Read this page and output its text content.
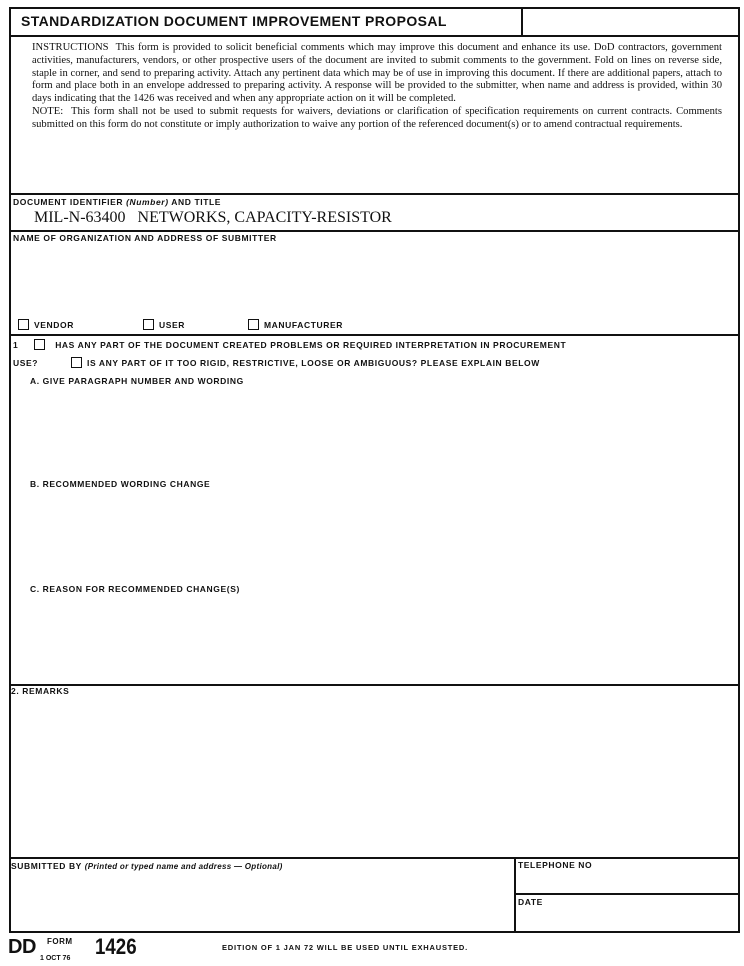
STANDARDIZATION DOCUMENT IMPROVEMENT PROPOSAL

INSTRUCTIONS This form is provided to solicit beneficial comments which may improve this document and enhance its use. DoD contractors, government activities, manufacturers, vendors, or other prospective users of the document are invited to submit comments to the government. Fold on lines on reverse side, staple in corner, and send to preparing activity. Attach any pertinent data which may be of use in improving this document. If there are additional papers, attach to form and place both in an envelope addressed to preparing activity. A response will be provided to the submitter, when name and address is provided, within 30 days indicating that the 1426 was received and when any appropriate action on it will be completed.

NOTE: This form shall not be used to submit requests for waivers, deviations or clarification of specification requirements on current contracts. Comments submitted on this form do not constitute or imply authorization to waive any portion of the referenced document(s) or to amend contractual requirements.

DOCUMENT IDENTIFIER (Number) AND TITLE
MIL-N-63400   NETWORKS, CAPACITY-RESISTOR
NAME OF ORGANIZATION AND ADDRESS OF SUBMITTER
VENDOR	USER	MANUFACTURER
1	HAS ANY PART OF THE DOCUMENT CREATED PROBLEMS OR REQUIRED INTERPRETATION IN PROCUREMENT
USE?	IS ANY PART OF IT TOO RIGID, RESTRICTIVE, LOOSE OR AMBIGUOUS? PLEASE EXPLAIN BELOW
A. GIVE PARAGRAPH NUMBER AND WORDING
B. RECOMMENDED WORDING CHANGE
C. REASON FOR RECOMMENDED CHANGE(S)
2. REMARKS
SUBMITTED BY (Printed or typed name and address — Optional)	TELEPHONE NO
DATE
DD FORM
1 OCT 76 1426	EDITION OF 1 JAN 72 WILL BE USED UNTIL EXHAUSTED.
